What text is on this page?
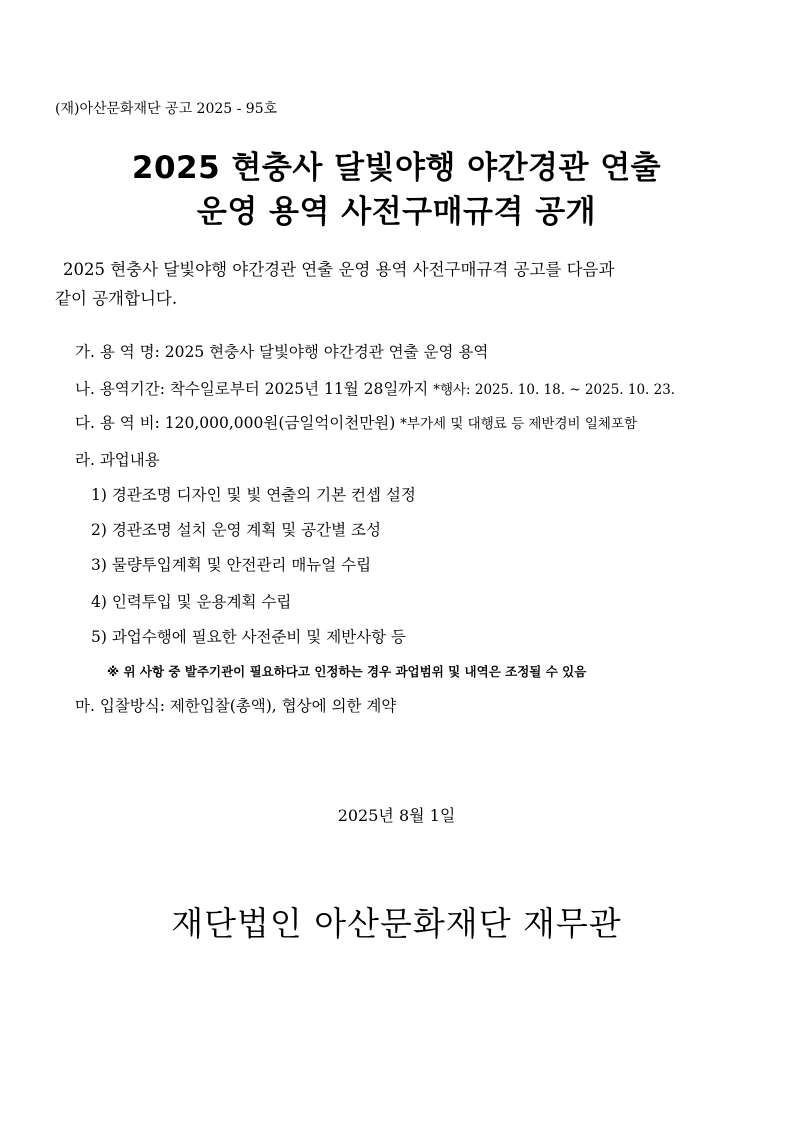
(재)아산문화재단 공고 2025 - 95호
2025 현충사 달빛야행 야간경관 연출
운영 용역 사전구매규격 공개
2025 현충사 달빛야행 야간경관 연출 운영 용역 사전구매규격 공고를 다음과
같이 공개합니다.
가. 용 역 명: 2025 현충사 달빛야행 야간경관 연출 운영 용역
나. 용역기간: 착수일로부터 2025년 11월 28일까지 *행사: 2025. 10. 18. ~ 2025. 10. 23.
다. 용 역 비: 120,000,000원(금일억이천만원) *부가세 및 대행료 등 제반경비 일체포함
라. 과업내용
1) 경관조명 디자인 및 빛 연출의 기본 컨셉 설정
2) 경관조명 설치 운영 계획 및 공간별 조성
3) 물량투입계획 및 안전관리 매뉴얼 수립
4) 인력투입 및 운용계획 수립
5) 과업수행에 필요한 사전준비 및 제반사항 등
※ 위 사항 중 발주기관이 필요하다고 인정하는 경우 과업범위 및 내역은 조정될 수 있음
마. 입찰방식: 제한입찰(총액), 협상에 의한 계약
2025년 8월 1일
재단법인 아산문화재단 재무관
